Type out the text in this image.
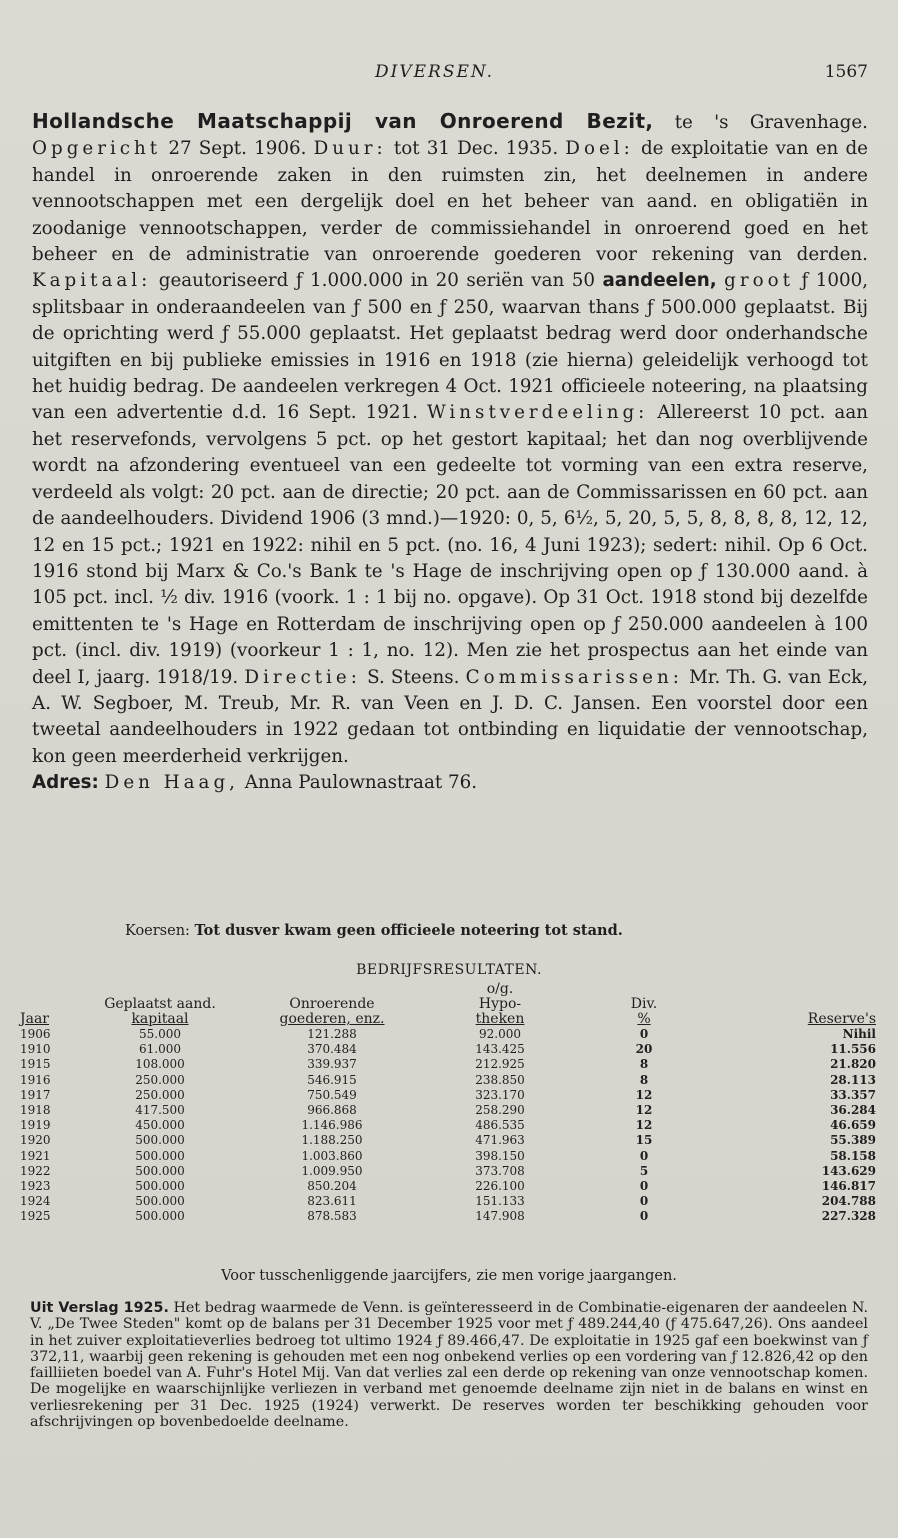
DIVERSEN.	1567
Hollandsche Maatschappij van Onroerend Bezit, te 's Gravenhage. Opgericht 27 Sept. 1906. Duur: tot 31 Dec. 1935. Doel: de exploitatie van en de handel in onroerende zaken in den ruimsten zin, het deelnemen in andere vennootschappen met een dergelijk doel en het beheer van aand. en obligatiën in zoodanige vennootschappen, verder de commissiehandel in onroerend goed en het beheer en de administratie van onroerende goederen voor rekening van derden. Kapitaal: geautoriseerd ƒ 1.000.000 in 20 seriën van 50 aandeelen, groot ƒ 1000, splitsbaar in onderaandeelen van ƒ 500 en ƒ 250, waarvan thans ƒ 500.000 geplaatst. Bij de oprichting werd ƒ 55.000 geplaatst. Het geplaatst bedrag werd door onderhandsche uitgiften en bij publieke emissies in 1916 en 1918 (zie hierna) geleidelijk verhoogd tot het huidig bedrag. De aandeelen verkregen 4 Oct. 1921 officieele noteering, na plaatsing van een advertentie d.d. 16 Sept. 1921. Winstverdeeling: Allereerst 10 pct. aan het reservefonds, vervolgens 5 pct. op het gestort kapitaal; het dan nog overblijvende wordt na afzondering eventueel van een gedeelte tot vorming van een extra reserve, verdeeld als volgt: 20 pct. aan de directie; 20 pct. aan de Commissarissen en 60 pct. aan de aandeelhouders. Dividend 1906 (3 mnd.)—1920: 0, 5, 6½, 5, 20, 5, 5, 8, 8, 8, 8, 12, 12, 12 en 15 pct.; 1921 en 1922: nihil en 5 pct. (no. 16, 4 Juni 1923); sedert: nihil. Op 6 Oct. 1916 stond bij Marx & Co.'s Bank te 's Hage de inschrijving open op ƒ 130.000 aand. à 105 pct. incl. ½ div. 1916 (voork. 1 : 1 bij no. opgave). Op 31 Oct. 1918 stond bij dezelfde emittenten te 's Hage en Rotterdam de inschrijving open op ƒ 250.000 aandeelen à 100 pct. (incl. div. 1919) (voorkeur 1 : 1, no. 12). Men zie het prospectus aan het einde van deel I, jaarg. 1918/19. Directie: S. Steens. Commissarissen: Mr. Th. G. van Eck, A. W. Segboer, M. Treub, Mr. R. van Veen en J. D. C. Jansen. Een voorstel door een tweetal aandeelhouders in 1922 gedaan tot ontbinding en liquidatie der vennootschap, kon geen meerderheid verkrijgen.
Adres: Den Haag, Anna Paulownastraat 76.
Koersen: Tot dusver kwam geen officieele noteering tot stand.
BEDRIJFSRESULTATEN.
			o/g.		
	Geplaatst aand.	Onroerende	Hypo-	Div.	
Jaar	kapitaal	goederen, enz.	theken	%	Reserve's
1906	55.000	121.288	92.000	0	Nihil
1910	61.000	370.484	143.425	20	11.556
1915	108.000	339.937	212.925	8	21.820
1916	250.000	546.915	238.850	8	28.113
1917	250.000	750.549	323.170	12	33.357
1918	417.500	966.868	258.290	12	36.284
1919	450.000	1.146.986	486.535	12	46.659
1920	500.000	1.188.250	471.963	15	55.389
1921	500.000	1.003.860	398.150	0	58.158
1922	500.000	1.009.950	373.708	5	143.629
1923	500.000	850.204	226.100	0	146.817
1924	500.000	823.611	151.133	0	204.788
1925	500.000	878.583	147.908	0	227.328
Voor tusschenliggende jaarcijfers, zie men vorige jaargangen.
Uit Verslag 1925. Het bedrag waarmede de Venn. is geïnteresseerd in de Combinatie-eigenaren der aandeelen N. V. „De Twee Steden" komt op de balans per 31 December 1925 voor met ƒ 489.244,40 (ƒ 475.647,26). Ons aandeel in het zuiver exploitatieverlies bedroeg tot ultimo 1924 ƒ 89.466,47. De exploitatie in 1925 gaf een boekwinst van ƒ 372,11, waarbij geen rekening is gehouden met een nog onbekend verlies op een vordering van ƒ 12.826,42 op den failliieten boedel van A. Fuhr's Hotel Mij. Van dat verlies zal een derde op rekening van onze vennootschap komen. De mogelijke en waarschijnlijke verliezen in verband met genoemde deelname zijn niet in de balans en winst en verliesrekening per 31 Dec. 1925 (1924) verwerkt. De reserves worden ter beschikking gehouden voor afschrijvingen op bovenbedoelde deelname.
